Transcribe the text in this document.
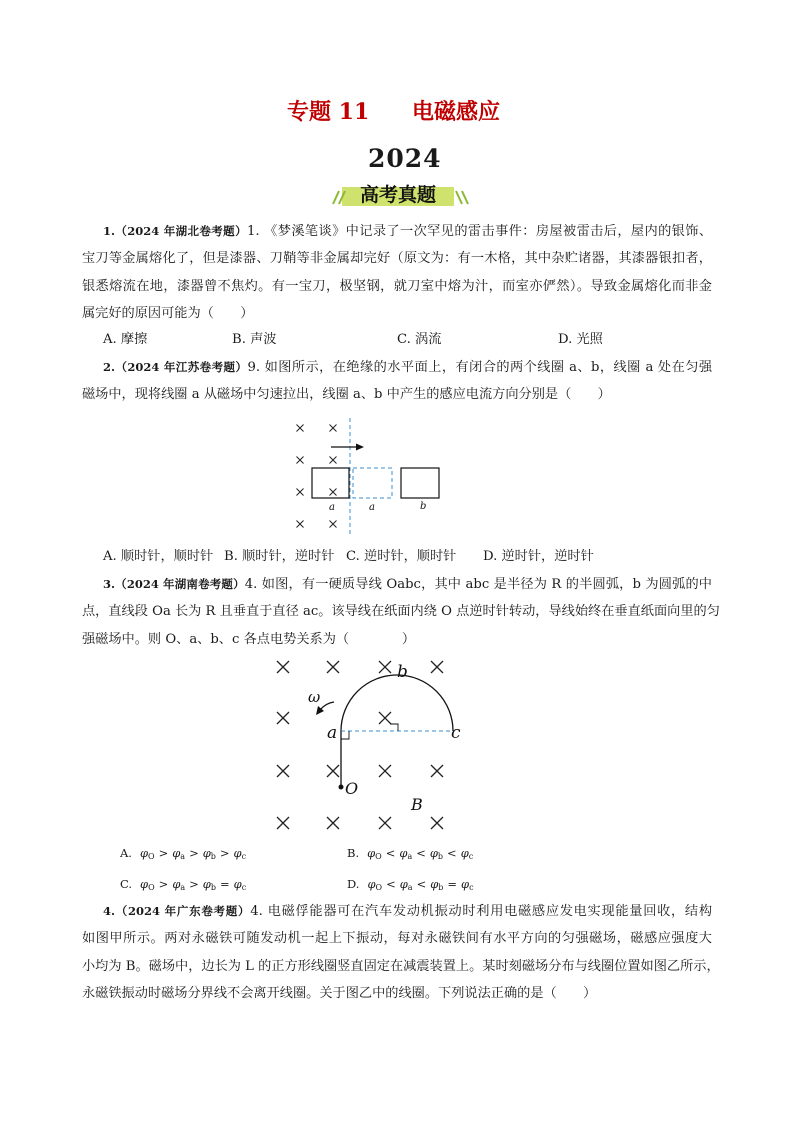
专题 11 电磁感应
2024
高考真题
1.（2024 年湖北卷考题）1. 《梦溪笔谈》中记录了一次罕见的雷击事件：房屋被雷击后，屋内的银饰、
宝刀等金属熔化了，但是漆器、刀鞘等非金属却完好（原文为：有一木格，其中杂贮诸器，其漆器银扣者，
银悉熔流在地，漆器曾不焦灼。有一宝刀，极坚钢，就刀室中熔为汁，而室亦俨然）。导致金属熔化而非金
属完好的原因可能为（　　）
A. 摩擦	B. 声波	C. 涡流	D. 光照
2.（2024 年江苏卷考题）9. 如图所示，在绝缘的水平面上，有闭合的两个线圈 a、b，线圈 a 处在匀强
磁场中，现将线圈 a 从磁场中匀速拉出，线圈 a、b 中产生的感应电流方向分别是（　　）
A. 顺时针，顺时针 B. 顺时针，逆时针 C. 逆时针，顺时针 D. 逆时针，逆时针
3.（2024 年湖南卷考题）4. 如图，有一硬质导线 Oabc，其中 abc 是半径为 R 的半圆弧，b 为圆弧的中
点，直线段 Oa 长为 R 且垂直于直径 ac。该导线在纸面内绕 O 点逆时针转动，导线始终在垂直纸面向里的匀
强磁场中。则 O、a、b、c 各点电势关系为（　　　　）
A. $\varphi_O > \varphi_a > \varphi_b > \varphi_c$	B. $\varphi_O < \varphi_a < \varphi_b < \varphi_c$
C. $\varphi_O > \varphi_a > \varphi_b = \varphi_c$	D. $\varphi_O < \varphi_a < \varphi_b = \varphi_c$
4.（2024 年广东卷考题）4. 电磁俘能器可在汽车发动机振动时利用电磁感应发电实现能量回收，结构
如图甲所示。两对永磁铁可随发动机一起上下振动，每对永磁铁间有水平方向的匀强磁场，磁感应强度大
小均为 B。磁场中，边长为 L 的正方形线圈竖直固定在减震装置上。某时刻磁场分布与线圈位置如图乙所示，
永磁铁振动时磁场分界线不会离开线圈。关于图乙中的线圈。下列说法正确的是（　　）
a	a	b
ω
a
b
c
O
B
